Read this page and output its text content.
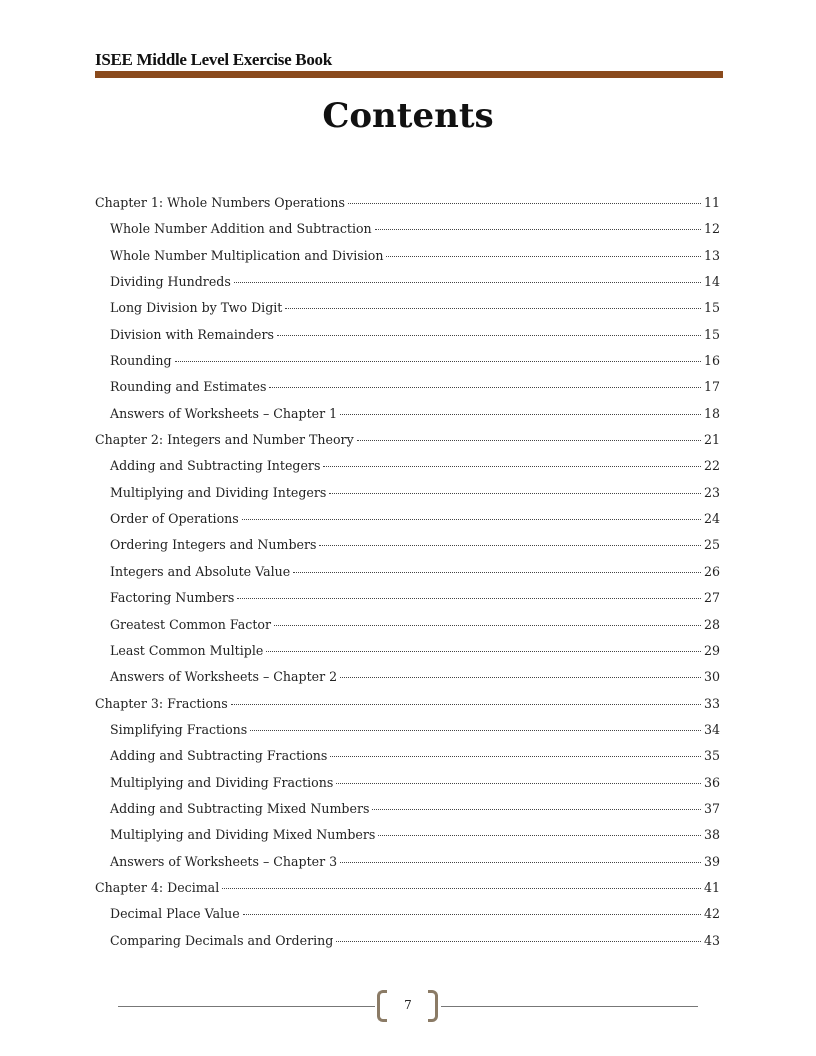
ISEE Middle Level Exercise Book
Contents
Chapter 1: Whole Numbers Operations	11
Whole Number Addition and Subtraction	12
Whole Number Multiplication and Division	13
Dividing Hundreds	14
Long Division by Two Digit	15
Division with Remainders	15
Rounding	16
Rounding and Estimates	17
Answers of Worksheets – Chapter 1	18
Chapter 2: Integers and Number Theory	21
Adding and Subtracting Integers	22
Multiplying and Dividing Integers	23
Order of Operations	24
Ordering Integers and Numbers	25
Integers and Absolute Value	26
Factoring Numbers	27
Greatest Common Factor	28
Least Common Multiple	29
Answers of Worksheets – Chapter 2	30
Chapter 3: Fractions	33
Simplifying Fractions	34
Adding and Subtracting Fractions	35
Multiplying and Dividing Fractions	36
Adding and Subtracting Mixed Numbers	37
Multiplying and Dividing Mixed Numbers	38
Answers of Worksheets – Chapter 3	39
Chapter 4: Decimal	41
Decimal Place Value	42
Comparing Decimals and Ordering	43
7
